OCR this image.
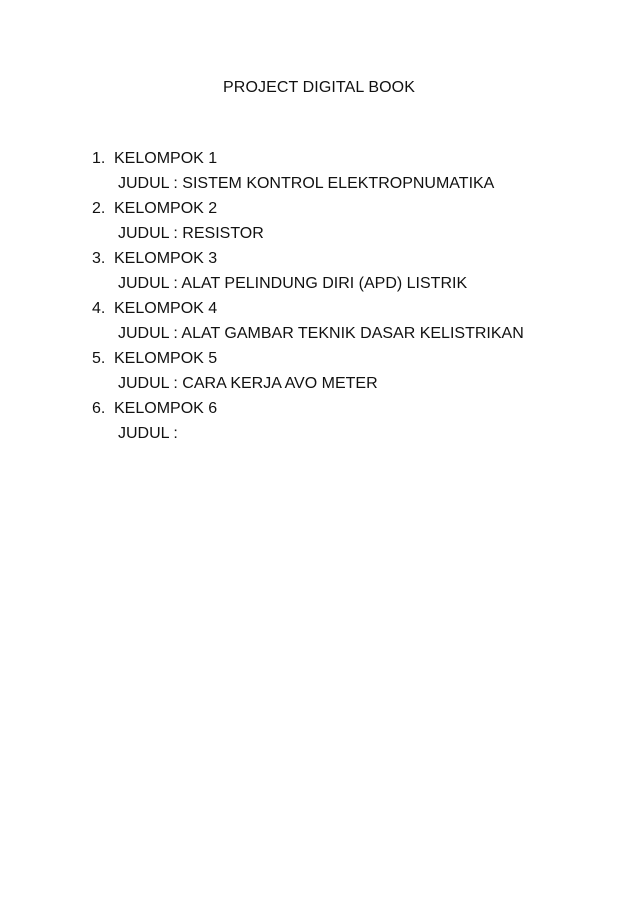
PROJECT DIGITAL BOOK
1. KELOMPOK 1
JUDUL : SISTEM KONTROL ELEKTROPNUMATIKA
2. KELOMPOK 2
JUDUL : RESISTOR
3. KELOMPOK 3
JUDUL : ALAT PELINDUNG DIRI (APD) LISTRIK
4. KELOMPOK 4
JUDUL : ALAT GAMBAR TEKNIK DASAR KELISTRIKAN
5. KELOMPOK 5
JUDUL : CARA KERJA AVO METER
6. KELOMPOK 6
JUDUL :
